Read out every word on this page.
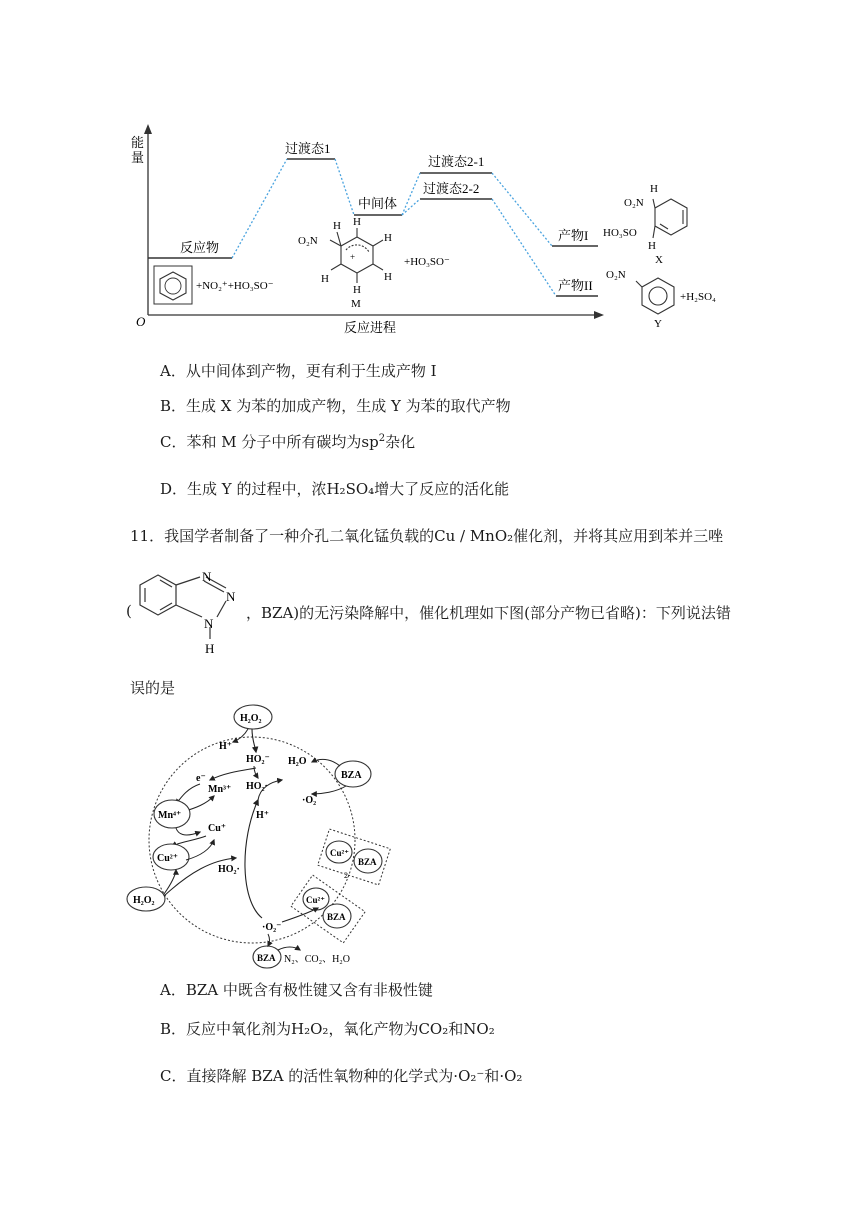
能
量
O	反应进程
反应物
过渡态1
中间体
过渡态2-1
过渡态2-2
产物I
产物II
+NO₂⁺+HO₃SO⁻
+
O₂N
H H
H
H
H
H
M
+HO₃SO⁻
H
O₂N
HO₃SO
H
X
O₂N
+H₂SO₄
Y
A．从中间体到产物，更有利于生成产物 I
B．生成 X 为苯的加成产物，生成 Y 为苯的取代产物
C．苯和 M 分子中所有碳均为$sp^2$杂化
D．生成 Y 的过程中，浓H₂SO₄增大了反应的活化能
11．我国学者制备了一种介孔二氧化锰负载的Cu / MnO₂催化剂，并将其应用到苯并三唑
N
N
N
H
(	，BZA)的无污染降解中，催化机理如下图(部分产物已省略)：下列说法错
误的是
H₂O₂
H⁺
HO₂⁻
HO₂·
e⁻
Mn³⁺
Mn⁴⁺
Cu⁺
Cu²⁺
H₂O₂
HO₂·
H⁺
H₂O
·O₂
BZA
Cu²⁺
BZA
2
Cu²⁺
BZA
·O₂⁻
BZA N₂、CO₂、H₂O
A．BZA 中既含有极性键又含有非极性键
B．反应中氧化剂为H₂O₂，氧化产物为CO₂和NO₂
C．直接降解 BZA 的活性氧物种的化学式为·O₂⁻和·O₂
